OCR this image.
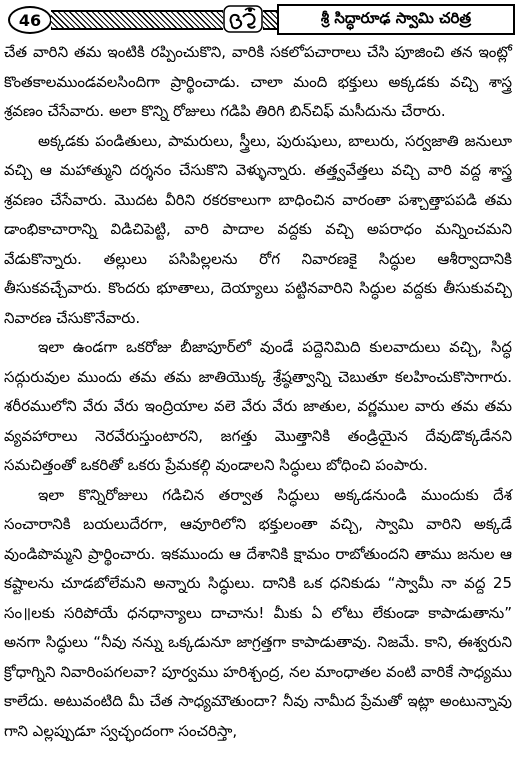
46	శ్రీ సిద్ధారూఢ స్వామి చరిత్ర

చేత వారిని తమ ఇంటికి రప్పించుకొని, వారికి సకలోపచారాలు చేసి పూజించి తన ఇంట్లో కొంతకాలముండవలసిందిగా ప్రార్థించాడు. చాలా మంది భక్తులు అక్కడకు వచ్చి శాస్త్ర శ్రవణం చేసేవారు. అలా కొన్ని రోజులు గడిపి తిరిగి బిన్‌చిఫ్ మసీదును చేరారు.

అక్కడకు పండితులు, పామరులు, స్త్రీలు, పురుషులు, బాలురు, సర్వజాతి జనులూ వచ్చి ఆ మహాత్ముని దర్శనం చేసుకొని వెళ్ళున్నారు. తత్త్వవేత్తలు వచ్చి వారి వద్ద శాస్త్ర శ్రవణం చేసేవారు. మొదట వీరిని రకరకాలుగా బాధించిన వారంతా పశ్చాత్తాపపడి తమ డాంభికాచారాన్ని విడిచిపెట్టి, వారి పాదాల వద్దకు వచ్చి అపరాధం మన్నించమని వేడుకొన్నారు. తల్లులు పసిపిల్లలను రోగ నివారణకై సిద్ధుల ఆశీర్వాదానికి తీసుకవచ్చేవారు. కొందరు భూతాలు, దెయ్యాలు పట్టినవారిని సిద్ధుల వద్దకు తీసుకువచ్చి నివారణ చేసుకొనేవారు.

ఇలా ఉండగా ఒకరోజు బీజాపూర్‌లో వుండే పద్దెనిమిది కులవాదులు వచ్చి, సిద్ధ సద్గురువుల ముందు తమ తమ జాతియొక్క శ్రేష్ఠత్వాన్ని చెబుతూ కలహించుకొసాగారు. శరీరములోని వేరు వేరు ఇంద్రియాల వలె వేరు వేరు జాతుల, వర్ణముల వారు తమ తమ వ్యవహారాలు నెరవేరుస్తుంటారని, జగత్తు మొత్తానికి తండ్రియైన దేవుడొక్కడేనని సమచిత్తంతో ఒకరితో ఒకరు ప్రేమకల్గి వుండాలని సిద్ధులు బోధించి పంపారు.

ఇలా కొన్నిరోజులు గడిచిన తర్వాత సిద్ధులు అక్కడనుండి ముందుకు దేశ సంచారానికి బయలుదేరగా, ఆవూరిలోని భక్తులంతా వచ్చి, స్వామి వారిని అక్కడే వుండిపొమ్మని ప్రార్థించారు. ఇకముందు ఆ దేశానికి క్షామం రాబోతుందని తాము జనుల ఆ కష్టాలను చూడబోలేమని అన్నారు సిద్ధులు. దానికి ఒక ధనికుడు “స్వామీ నా వద్ద 25 సం॥లకు సరిపోయే ధనధాన్యాలు దాచాను! మీకు ఏ లోటు లేకుండా కాపాడుతాను” అనగా సిద్ధులు “నీవు నన్ను ఒక్కడునూ జాగ్రత్తగా కాపాడుతావు. నిజమే. కాని, ఈశ్వరుని క్రోధాగ్నిని నివారింపగలవా? పూర్వము హరిశ్చంద్ర, నల మాంధాతల వంటి వారికే సాధ్యము కాలేదు. అటువంటిది మీ చేత సాధ్యమౌతుందా? నీవు నామీద ప్రేమతో ఇట్లా అంటున్నావు గాని ఎల్లప్పుడూ స్వచ్ఛందంగా సంచరిస్తా,
